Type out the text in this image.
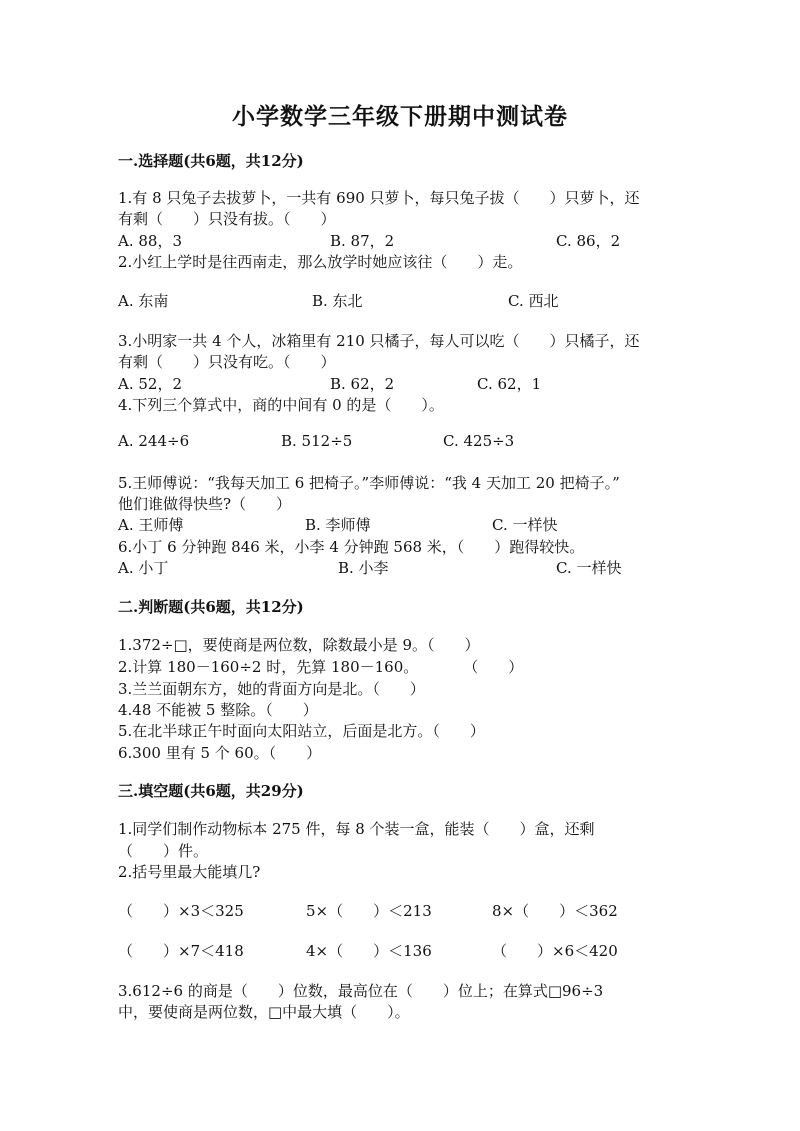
小学数学三年级下册期中测试卷
一.选择题(共6题，共12分)
1.有 8 只兔子去拔萝卜，一共有 690 只萝卜，每只兔子拔（　　）只萝卜，还
有剩（　　）只没有拔。（　　）
A. 88，3	B. 87，2	C. 86，2
2.小红上学时是往西南走，那么放学时她应该往（　　）走。
A. 东南	B. 东北	C. 西北
3.小明家一共 4 个人，冰箱里有 210 只橘子，每人可以吃（　　）只橘子，还
有剩（　　）只没有吃。（　　）
A. 52，2	B. 62，2	C. 62，1
4.下列三个算式中，商的中间有 0 的是（　　）。
A. 244÷6	B. 512÷5	C. 425÷3
5.王师傅说：“我每天加工 6 把椅子。”李师傅说：“我 4 天加工 20 把椅子。”
他们谁做得快些?（　　）
A. 王师傅	B. 李师傅	C. 一样快
6.小丁 6 分钟跑 846 米，小李 4 分钟跑 568 米，（　　）跑得较快。
A. 小丁	B. 小李	C. 一样快
二.判断题(共6题，共12分)
1.372÷□，要使商是两位数，除数最小是 9。（　　）
2.计算 180－160÷2 时，先算 180－160。　　　　（　　）
3.兰兰面朝东方，她的背面方向是北。（　　）
4.48 不能被 5 整除。（　　）
5.在北半球正午时面向太阳站立，后面是北方。（　　）
6.300 里有 5 个 60。（　　）
三.填空题(共6题，共29分)
1.同学们制作动物标本 275 件，每 8 个装一盒，能装（　　）盒，还剩
（　　）件。
2.括号里最大能填几?
（　　）×3＜325	5×（　　）＜213	8×（　　）＜362
（　　）×7＜418	4×（　　）＜136	（　　）×6＜420
3.612÷6 的商是（　　）位数，最高位在（　　）位上；在算式□96÷3
中，要使商是两位数，□中最大填（　　）。
